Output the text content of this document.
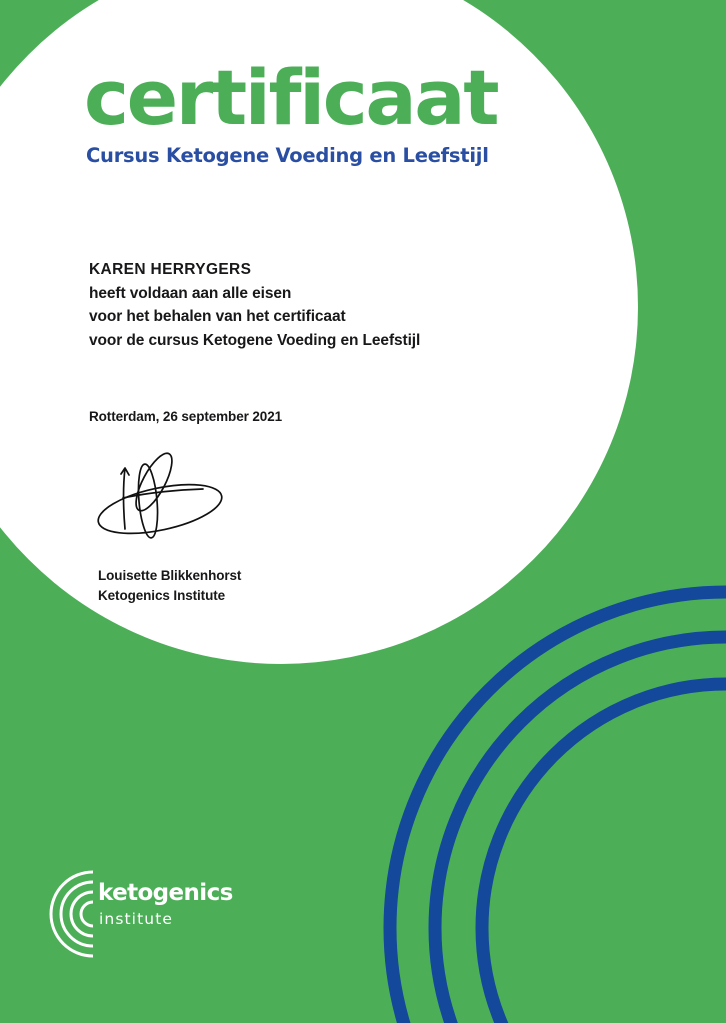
certificaat

Cursus Ketogene Voeding en Leefstijl

KAREN HERRYGERS

heeft voldaan aan alle eisen

voor het behalen van het certificaat

voor de cursus Ketogene Voeding en Leefstijl

Rotterdam, 26 september 2021

Louisette Blikkenhorst

Ketogenics Institute

ketogenics

institute
